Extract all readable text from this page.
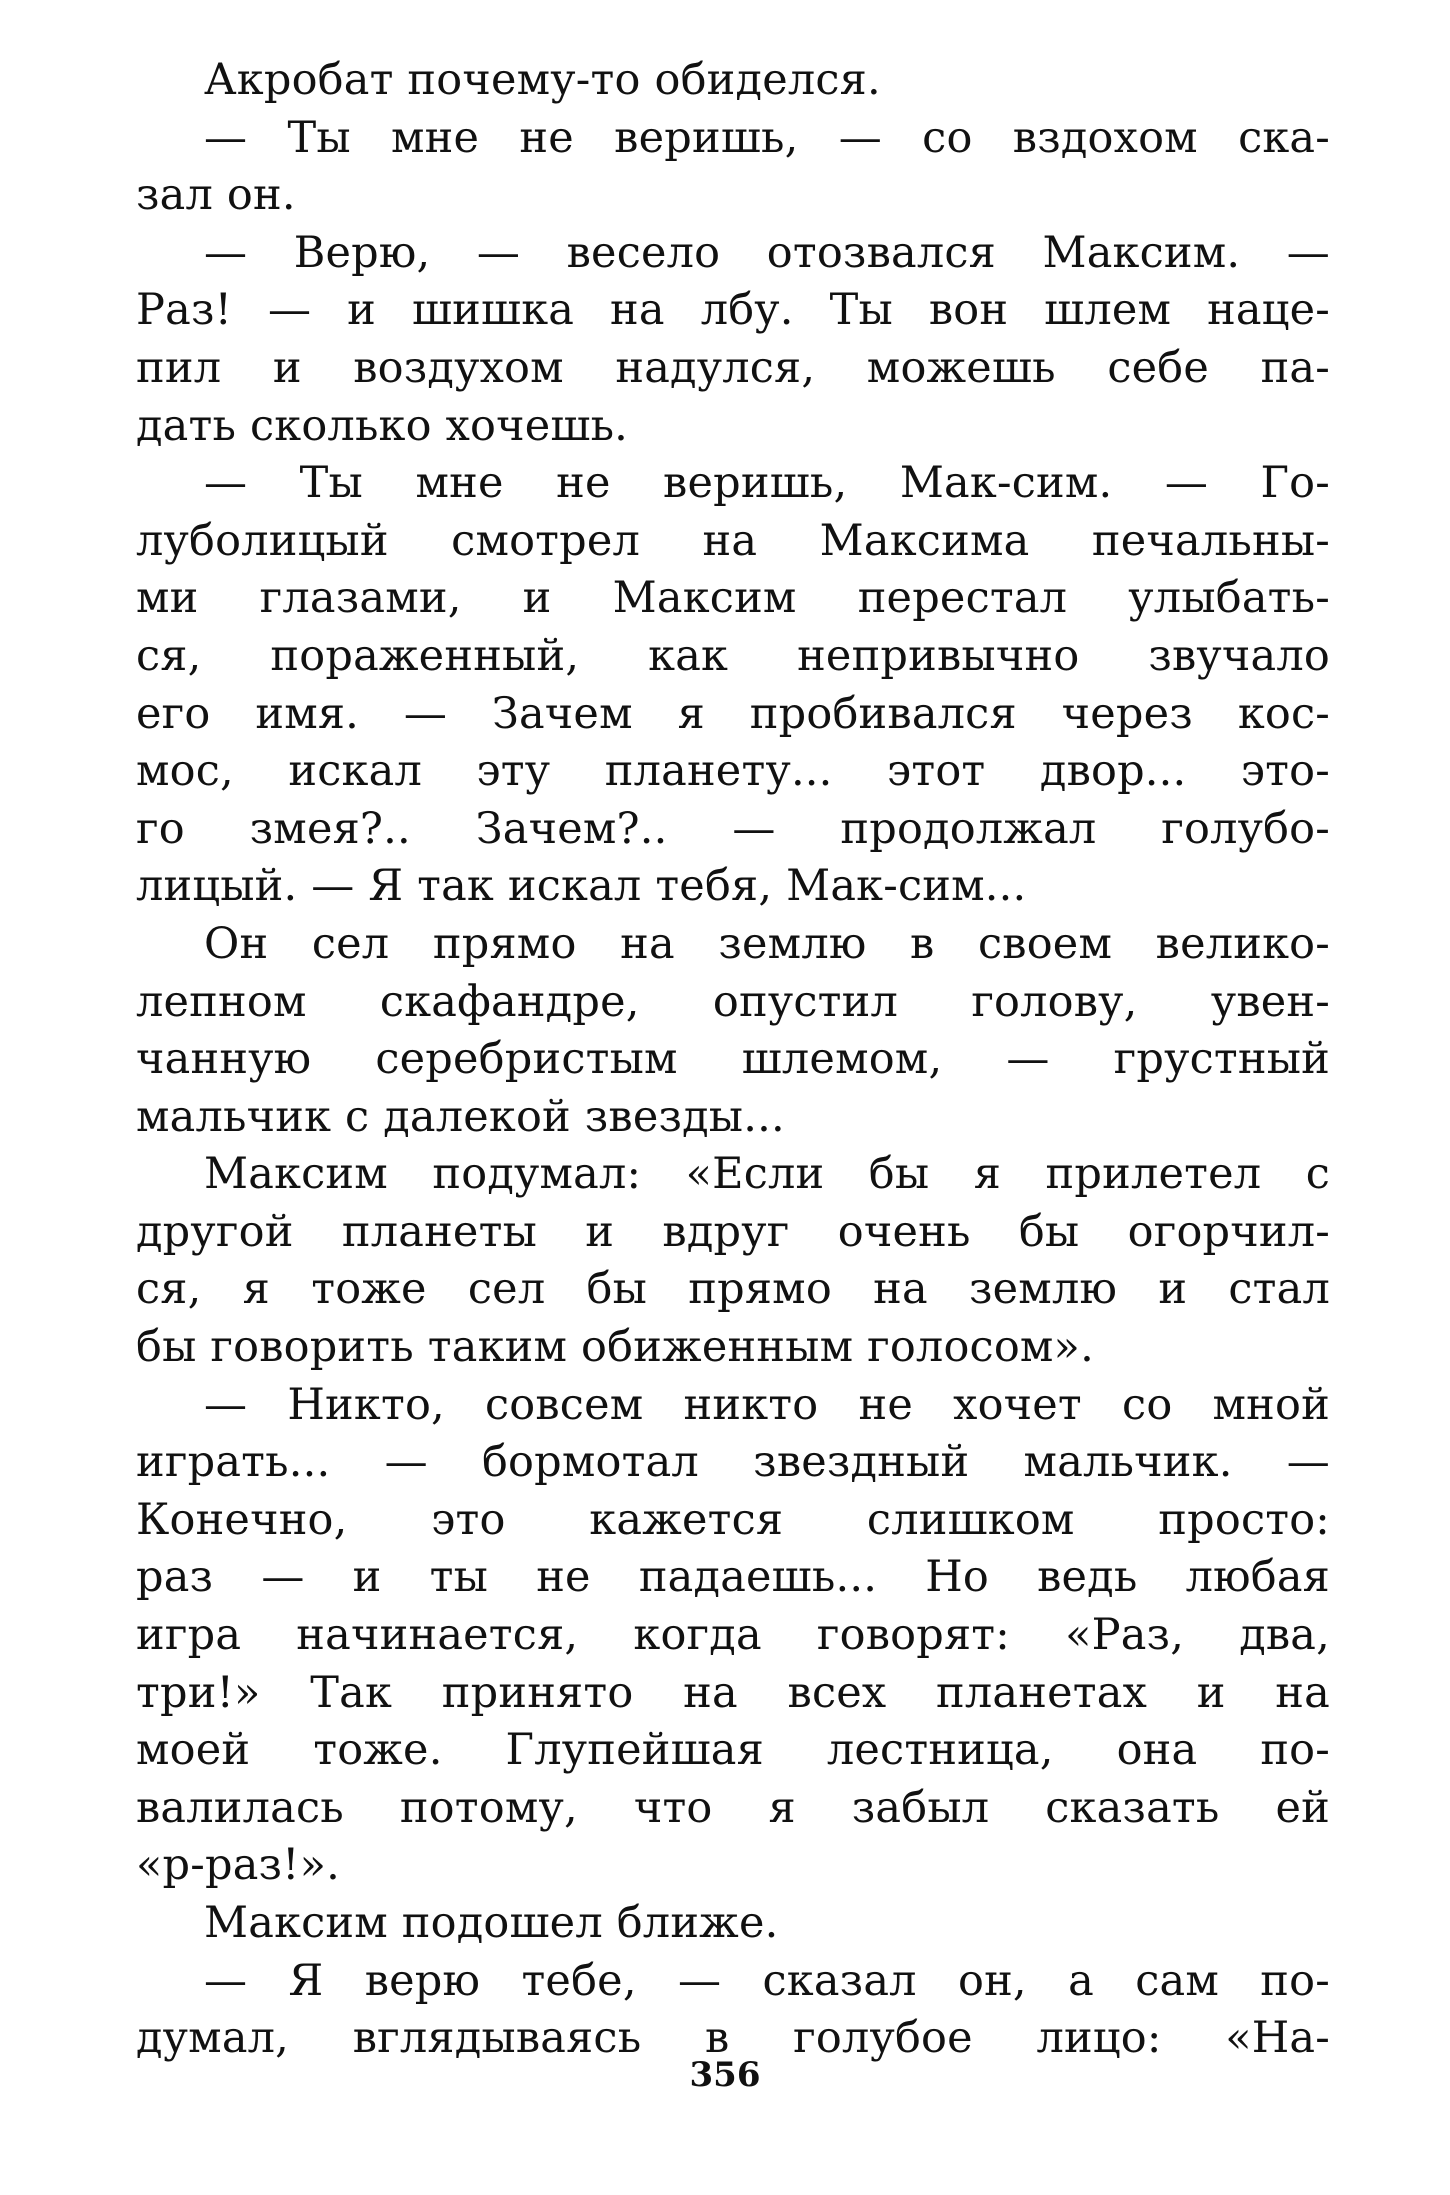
Акробат почему-то обиделся.
— Ты мне не веришь, — со вздохом ска-
зал он.
— Верю, — весело отозвался Максим. —
Раз! — и шишка на лбу. Ты вон шлем наце-
пил и воздухом надулся, можешь себе па-
дать сколько хочешь.
— Ты мне не веришь, Мак-сим. — Го-
луболицый смотрел на Максима печальны-
ми глазами, и Максим перестал улыбать-
ся, пораженный, как непривычно звучало
его имя. — Зачем я пробивался через кос-
мос, искал эту планету... этот двор... это-
го змея?.. Зачем?.. — продолжал голубо-
лицый. — Я так искал тебя, Мак-сим...
Он сел прямо на землю в своем велико-
лепном скафандре, опустил голову, увен-
чанную серебристым шлемом, — грустный
мальчик с далекой звезды...
Максим подумал: «Если бы я прилетел с
другой планеты и вдруг очень бы огорчил-
ся, я тоже сел бы прямо на землю и стал
бы говорить таким обиженным голосом».
— Никто, совсем никто не хочет со мной
играть... — бормотал звездный мальчик. —
Конечно, это кажется слишком просто:
раз — и ты не падаешь... Но ведь любая
игра начинается, когда говорят: «Раз, два,
три!» Так принято на всех планетах и на
моей тоже. Глупейшая лестница, она по-
валилась потому, что я забыл сказать ей
«р-раз!».
Максим подошел ближе.
— Я верю тебе, — сказал он, а сам по-
думал, вглядываясь в голубое лицо: «На-
356
